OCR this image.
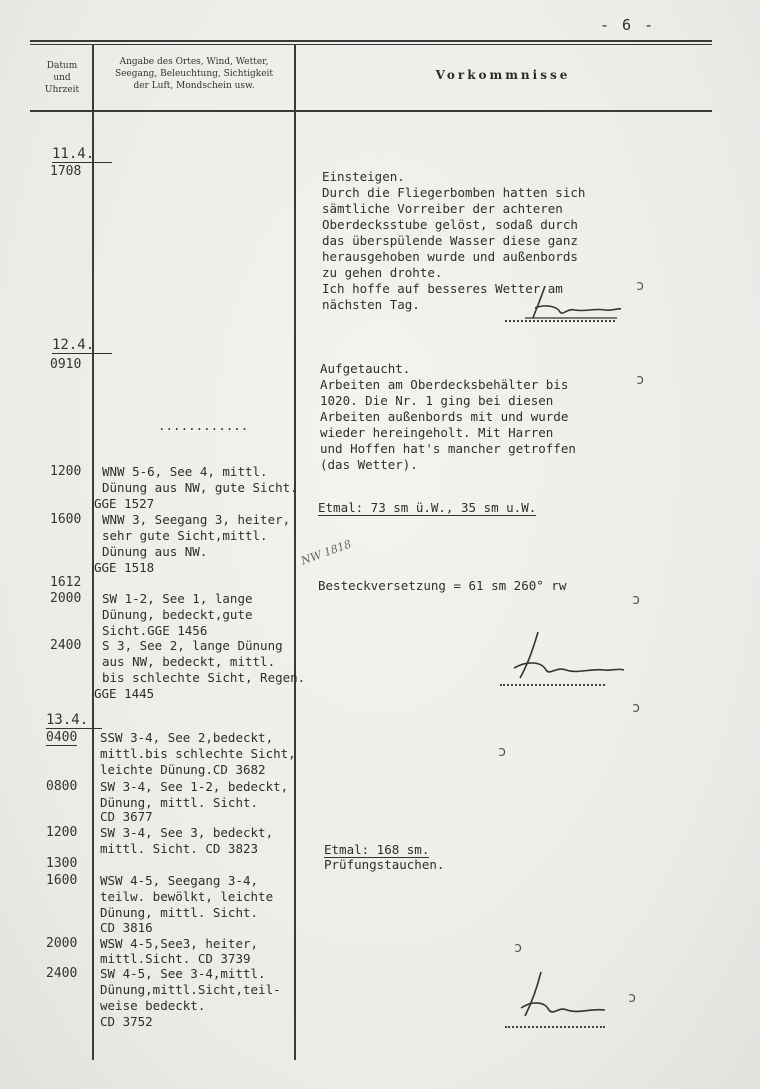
- 6 -
Datum
und
Uhrzeit
Angabe des Ortes, Wind, Wetter,
Seegang, Beleuchtung, Sichtigkeit
der Luft, Mondschein usw.
Vorkommnisse
11.4.
12.4.
13.4.
1708
0910
1200
1600
1612
2000
2400
0400
0800
1200
1300
1600
2000
2400
............
WNW 5-6, See 4, mittl.
Dünung aus NW, gute Sicht.
GGE 1527
WNW 3, Seegang 3, heiter,
sehr gute Sicht,mittl.
Dünung aus NW.
GGE 1518
SW 1-2, See 1, lange
Dünung, bedeckt,gute
Sicht.GGE 1456
S 3, See 2, lange Dünung
aus NW, bedeckt, mittl.
bis schlechte Sicht, Regen.
GGE 1445
SSW 3-4, See 2,bedeckt,
mittl.bis schlechte Sicht,
leichte Dünung.CD 3682
SW 3-4, See 1-2, bedeckt,
Dünung, mittl. Sicht.
CD 3677
SW 3-4, See 3, bedeckt,
mittl. Sicht. CD 3823
WSW 4-5, Seegang 3-4,
teilw. bewölkt, leichte
Dünung, mittl. Sicht.
CD 3816
WSW 4-5,See3, heiter,
mittl.Sicht. CD 3739
SW 4-5, See 3-4,mittl.
Dünung,mittl.Sicht,teil-
weise bedeckt.
CD 3752
Einsteigen.
Durch die Fliegerbomben hatten sich
sämtliche Vorreiber der achteren
Oberdecksstube gelöst, sodaß durch
das überspülende Wasser diese ganz
herausgehoben wurde und außenbords
zu gehen drohte.
Ich hoffe auf besseres Wetter am
nächsten Tag.
Aufgetaucht.
Arbeiten am Oberdecksbehälter bis
1020. Die Nr. 1 ging bei diesen
Arbeiten außenbords mit und wurde
wieder hereingeholt. Mit Harren
und Hoffen hat's mancher getroffen
(das Wetter).
Etmal: 73 sm ü.W., 35 sm u.W.
Besteckversetzung = 61 sm 260° rw
Etmal: 168 sm.
Prüfungstauchen.
NW 1818
ɔ
ɔ
ɔ
ɔ
ɔ
ɔ
ɔ
